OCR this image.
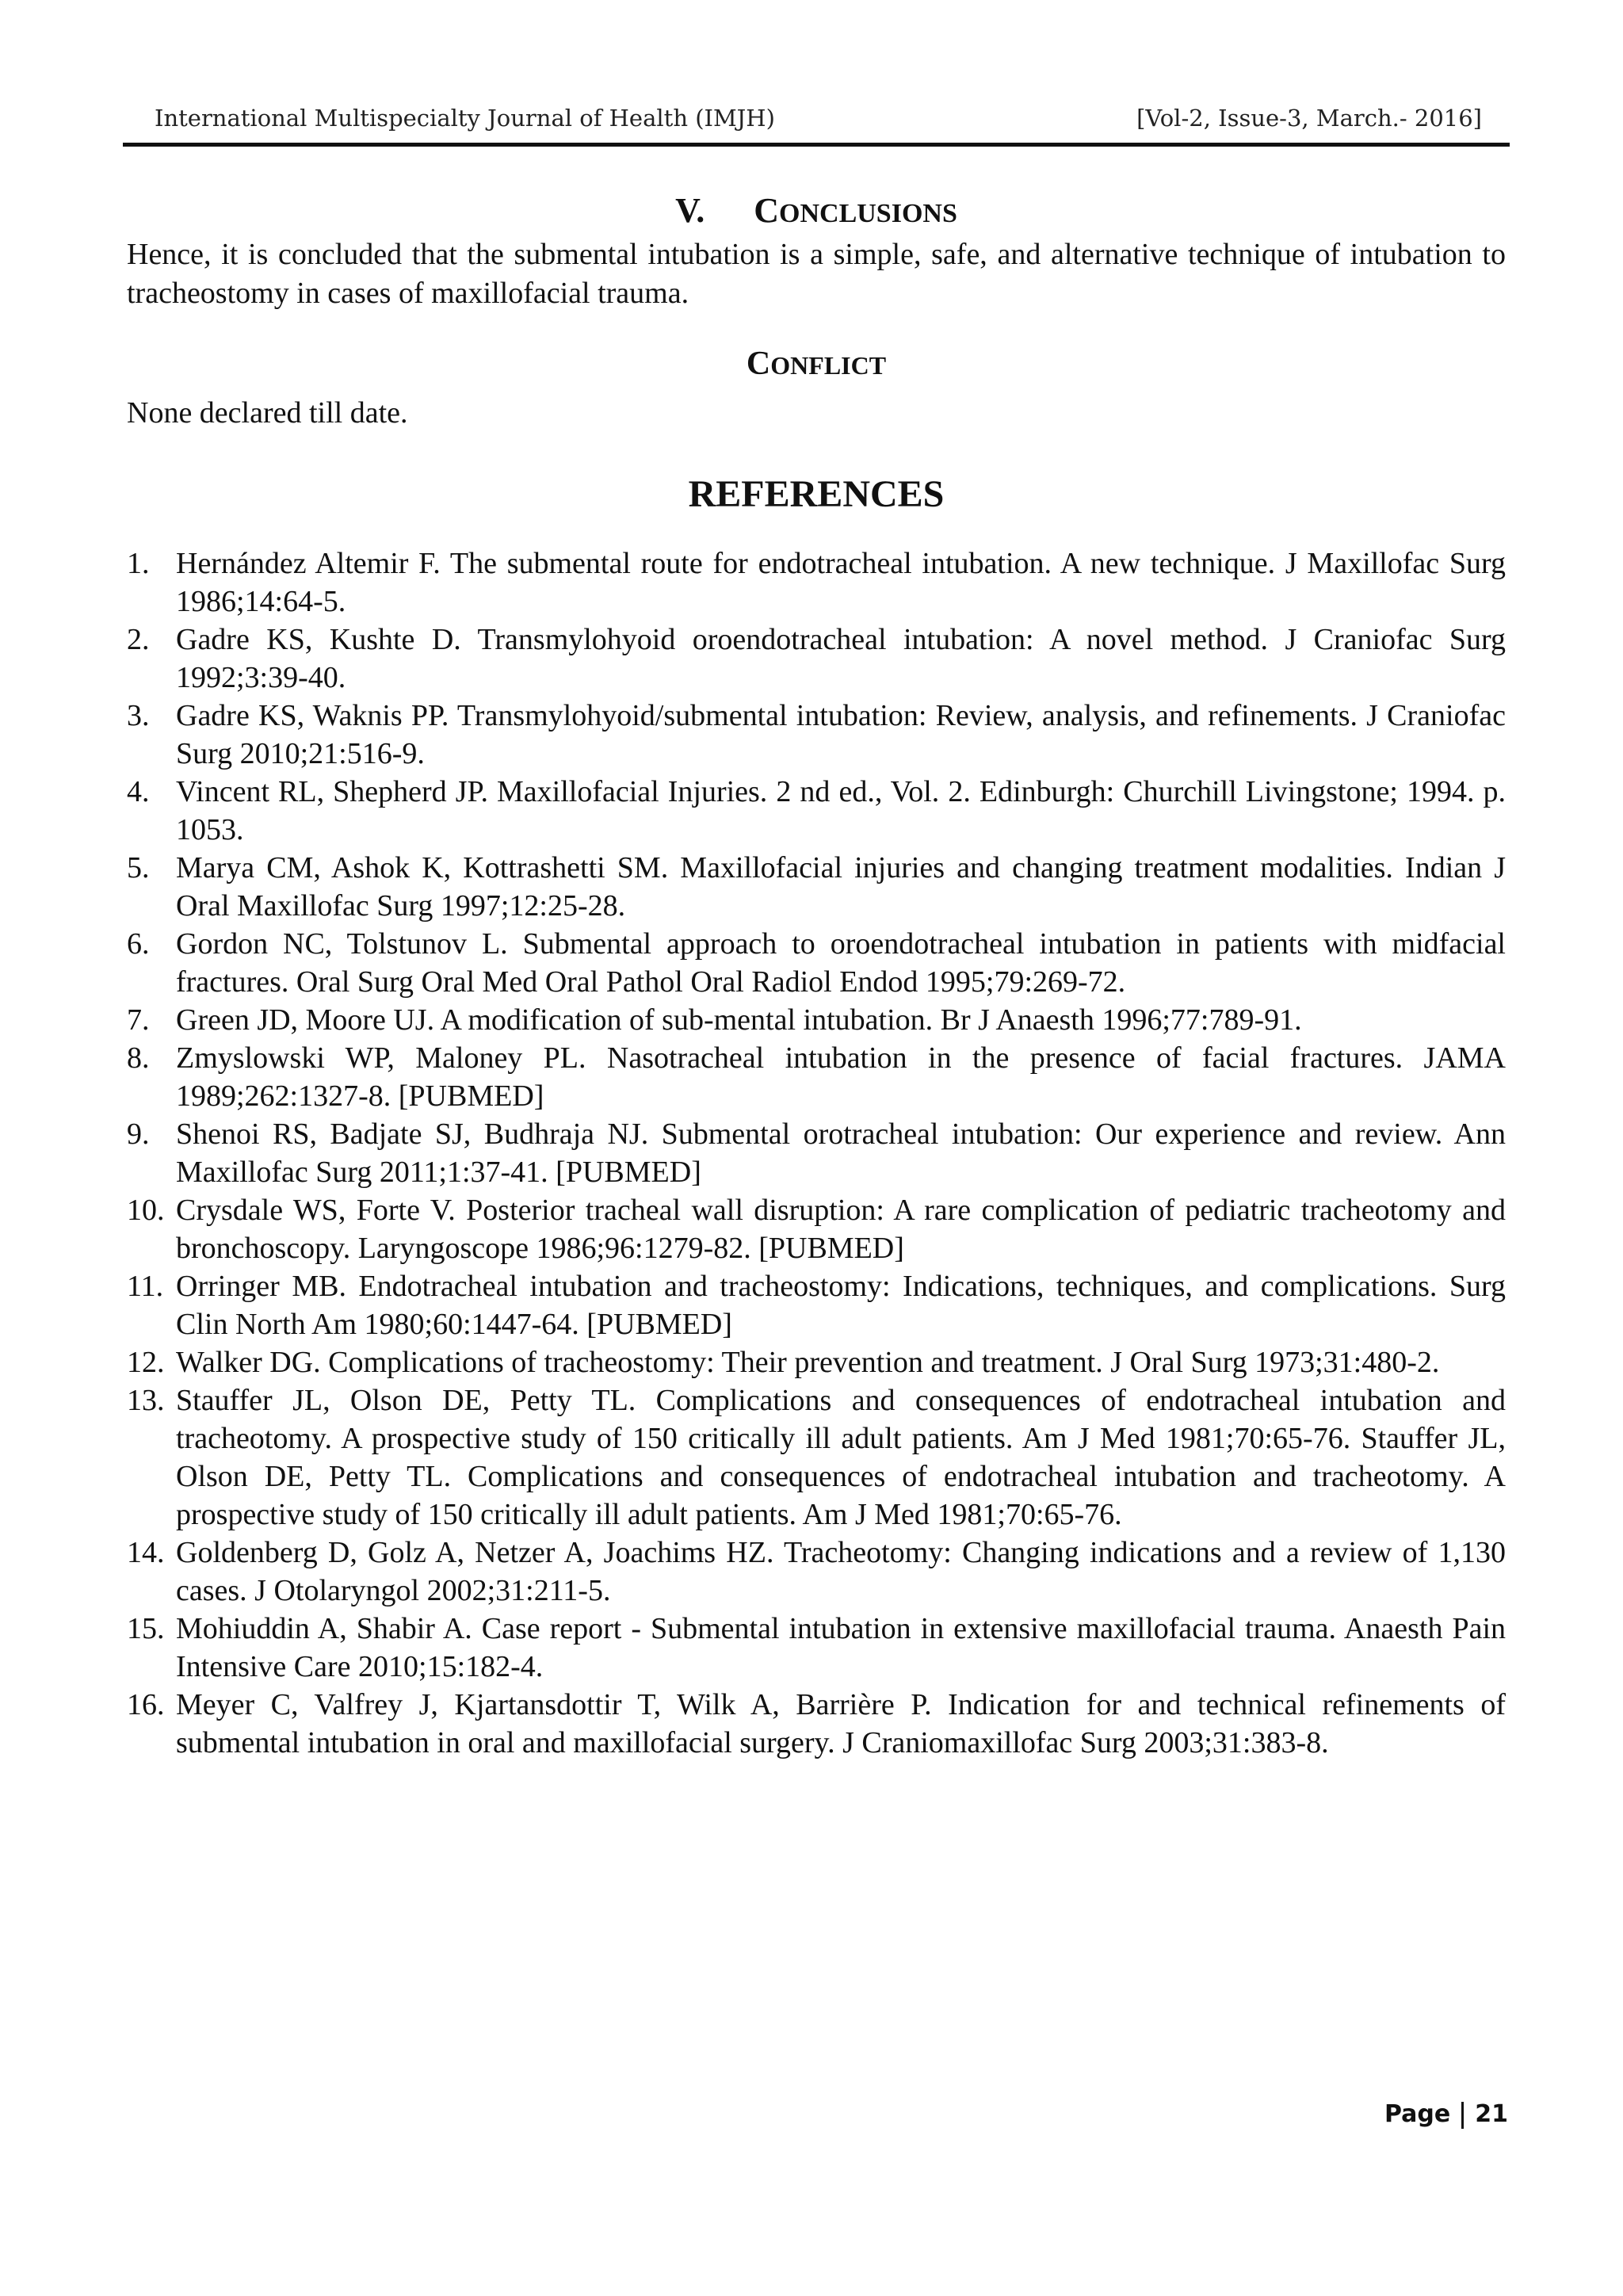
International Multispecialty Journal of Health (IMJH)	[Vol-2, Issue-3, March.- 2016]
V. CONCLUSIONS

Hence, it is concluded that the submental intubation is a simple, safe, and alternative technique of intubation to tracheostomy in cases of maxillofacial trauma.

CONFLICT

None declared till date.

REFERENCES
1. Hernández Altemir F. The submental route for endotracheal intubation. A new technique. J Maxillofac Surg 1986;14:64-5.
2. Gadre KS, Kushte D. Transmylohyoid oroendotracheal intubation: A novel method. J Craniofac Surg 1992;3:39-40.
3. Gadre KS, Waknis PP. Transmylohyoid/submental intubation: Review, analysis, and refinements. J Craniofac Surg 2010;21:516-9.
4. Vincent RL, Shepherd JP. Maxillofacial Injuries. 2 nd ed., Vol. 2. Edinburgh: Churchill Livingstone; 1994. p. 1053.
5. Marya CM, Ashok K, Kottrashetti SM. Maxillofacial injuries and changing treatment modalities. Indian J Oral Maxillofac Surg 1997;12:25-28.
6. Gordon NC, Tolstunov L. Submental approach to oroendotracheal intubation in patients with midfacial fractures. Oral Surg Oral Med Oral Pathol Oral Radiol Endod 1995;79:269-72.
7. Green JD, Moore UJ. A modification of sub-mental intubation. Br J Anaesth 1996;77:789-91.
8. Zmyslowski WP, Maloney PL. Nasotracheal intubation in the presence of facial fractures. JAMA 1989;262:1327-8. [PUBMED]
9. Shenoi RS, Badjate SJ, Budhraja NJ. Submental orotracheal intubation: Our experience and review. Ann Maxillofac Surg 2011;1:37-41. [PUBMED]
10. Crysdale WS, Forte V. Posterior tracheal wall disruption: A rare complication of pediatric tracheotomy and bronchoscopy. Laryngoscope 1986;96:1279-82. [PUBMED]
11. Orringer MB. Endotracheal intubation and tracheostomy: Indications, techniques, and complications. Surg Clin North Am 1980;60:1447-64. [PUBMED]
12. Walker DG. Complications of tracheostomy: Their prevention and treatment. J Oral Surg 1973;31:480-2.
13. Stauffer JL, Olson DE, Petty TL. Complications and consequences of endotracheal intubation and tracheotomy. A prospective study of 150 critically ill adult patients. Am J Med 1981;70:65-76. Stauffer JL, Olson DE, Petty TL. Complications and consequences of endotracheal intubation and tracheotomy. A prospective study of 150 critically ill adult patients. Am J Med 1981;70:65-76.
14. Goldenberg D, Golz A, Netzer A, Joachims HZ. Tracheotomy: Changing indications and a review of 1,130 cases. J Otolaryngol 2002;31:211-5.
15. Mohiuddin A, Shabir A. Case report - Submental intubation in extensive maxillofacial trauma. Anaesth Pain Intensive Care 2010;15:182-4.
16. Meyer C, Valfrey J, Kjartansdottir T, Wilk A, Barrière P. Indication for and technical refinements of submental intubation in oral and maxillofacial surgery. J Craniomaxillofac Surg 2003;31:383-8.
Page 21
